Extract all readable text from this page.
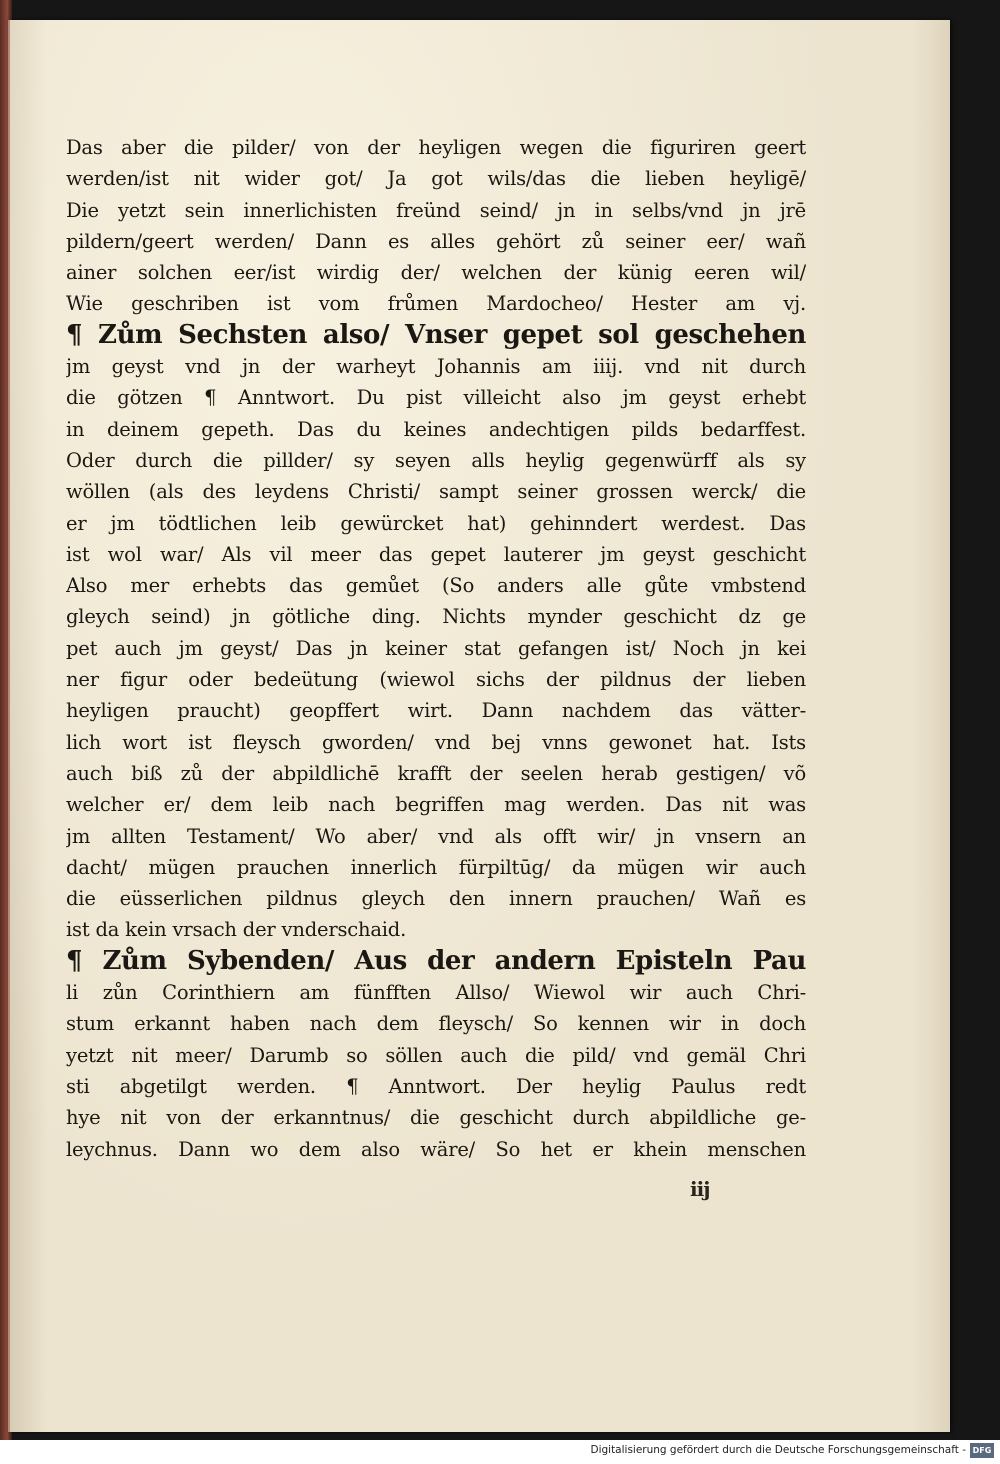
Das aber die pilder/ von der heyligen wegen die figuriren geert
werden/ist nit wider got/ Ja got wils/das die lieben heyligē/
Die yetzt sein innerlichisten freünd seind/ jn in selbs/vnd jn jrē
pildern/geert werden/ Dann es alles gehört zů seiner eer/ wañ
ainer solchen eer/ist wirdig der/ welchen der künig eeren wil/
Wie geschriben ist vom frůmen Mardocheo/ Hester am vj.
¶ Zům Sechsten also/ Vnser gepet sol geschehen
jm geyst vnd jn der warheyt Johannis am iiij. vnd nit durch
die götzen ¶ Anntwort. Du pist villeicht also jm geyst erhebt
in deinem gepeth. Das du keines andechtigen pilds bedarffest.
Oder durch die pillder/ sy seyen alls heylig gegenwürff als sy
wöllen (als des leydens Christi/ sampt seiner grossen werck/ die
er jm tödtlichen leib gewürcket hat) gehinndert werdest. Das
ist wol war/ Als vil meer das gepet lauterer jm geyst geschicht
Also mer erhebts das gemůet (So anders alle gůte vmbstend
gleych seind) jn götliche ding. Nichts mynder geschicht dz ge
pet auch jm geyst/ Das jn keiner stat gefangen ist/ Noch jn kei
ner figur oder bedeütung (wiewol sichs der pildnus der lieben
heyligen praucht) geopffert wirt. Dann nachdem das vätter-
lich wort ist fleysch gworden/ vnd bej vnns gewonet hat. Ists
auch biß zů der abpildlichē krafft der seelen herab gestigen/ võ
welcher er/ dem leib nach begriffen mag werden. Das nit was
jm allten Testament/ Wo aber/ vnd als offt wir/ jn vnsern an
dacht/ mügen prauchen innerlich fürpiltūg/ da mügen wir auch
die eüsserlichen pildnus gleych den innern prauchen/ Wañ es
ist da kein vrsach der vnderschaid.
¶ Zům Sybenden/ Aus der andern Episteln Pau
li zůn Corinthiern am fünfften Allso/ Wiewol wir auch Chri-
stum erkannt haben nach dem fleysch/ So kennen wir in doch
yetzt nit meer/ Darumb so söllen auch die pild/ vnd gemäl Chri
sti abgetilgt werden. ¶ Anntwort. Der heylig Paulus redt
hye nit von der erkanntnus/ die geschicht durch abpildliche ge-
leychnus. Dann wo dem also wäre/ So het er khein menschen
iij
Digitalisierung gefördert durch die Deutsche Forschungsgemeinschaft - DFG
